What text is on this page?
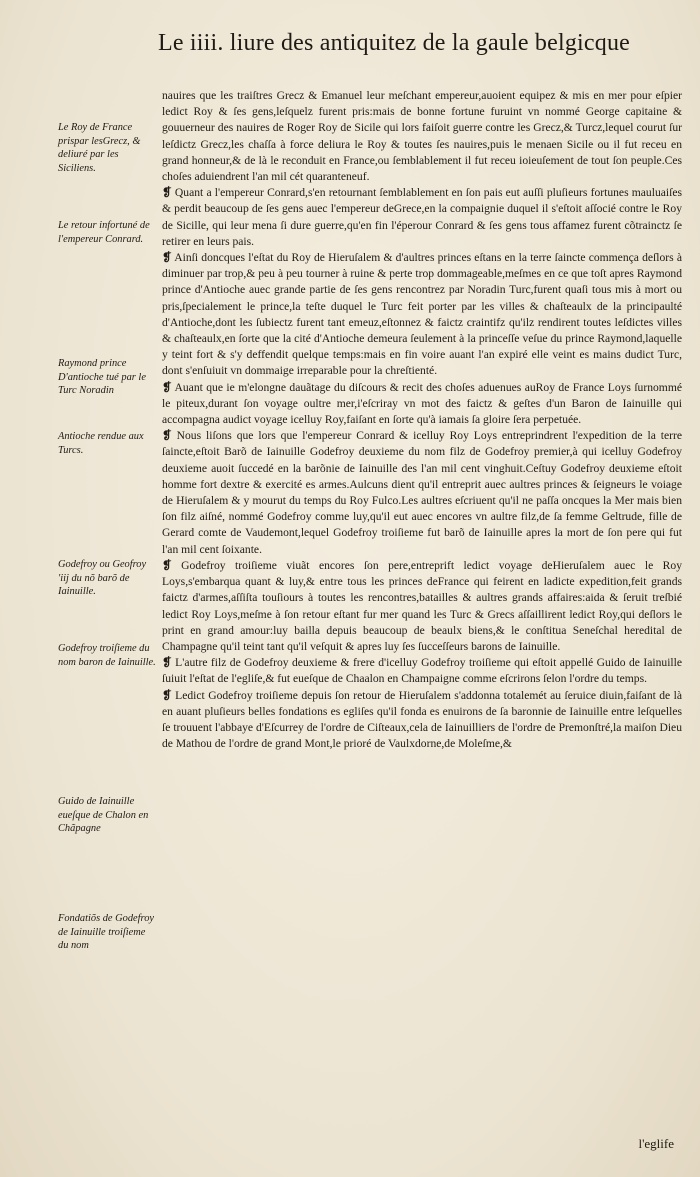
Le iiii. liure des antiquitez de la gaule belgicque
Le Roy de France prispar lesGrecz, & deliuré par les Siciliens.
Le retour infortuné de l'empereur Conrard.
Raymond prince D'antioche tué par le Turc Noradin
Antioche rendue aux Turcs.
Godefroy ou Geofroy 'iij du nõ barõ de Iainuille.
Godefroy troiſieme du nom baron de Iainuille.
Guido de Iainuille eueſque de Chalon en Chãpagne
Fondatiõs de Godefroy de Iainuille troiſieme du nom

nauires que les traiſtres Grecz & Emanuel leur meſchant empereur,auoient equipez & mis en mer pour eſpier ledict Roy & ſes gens,leſquelz furent pris:mais de bonne fortune furuint vn nommé George capitaine & gouuerneur des nauires de Roger Roy de Sicile qui lors faiſoit guerre contre les Grecz,& Turcz,lequel courut ſur leſdictz Grecz,les chaſſa à force deliura le Roy & toutes ſes nauires,puis le menaen Sicile ou il fut receu en grand honneur,& de là le reconduit en France,ou ſemblablement il fut receu ioieuſement de tout ſon peuple.Ces choſes aduiendrent l'an mil cét quaranteneuf.

❡ Quant a l'empereur Conrard,s'en retournant ſemblablement en ſon pais eut auſſi pluſieurs fortunes mauluaiſes & perdit beaucoup de ſes gens auec l'empereur deGrece,en la compaignie duquel il s'eſtoit aſſocié contre le Roy de Sicille, qui leur mena ſi dure guerre,qu'en fin l'éperour Conrard & ſes gens tous affamez furent cõtrainctz ſe retirer en leurs pais.

❡ Ainſi doncques l'eſtat du Roy de Hieruſalem & d'aultres princes eſtans en la terre ſaincte commença deſlors à diminuer par trop,& peu à peu tourner à ruine & perte trop dommageable,meſmes en ce que toſt apres Raymond prince d'Antioche auec grande partie de ſes gens rencontrez par Noradin Turc,furent quaſi tous mis à mort ou pris,ſpecialement le prince,la teſte duquel le Turc feit porter par les villes & chaſteaulx de la principaulté d'Antioche,dont les ſubiectz furent tant emeuz,eſtonnez & faictz craintifz qu'ilz rendirent toutes leſdictes villes & chaſteaulx,en ſorte que la cité d'Antioche demeura ſeulement à la princeſſe veſue du prince Raymond,laquelle y teint fort & s'y deffendit quelque temps:mais en fin voire auant l'an expiré elle veint es mains dudict Turc, dont s'enſuiuit vn dommaige irreparable pour la chreſtienté.

❡ Auant que ie m'elongne dauãtage du diſcours & recit des choſes aduenues auRoy de France Loys ſurnommé le piteux,durant ſon voyage oultre mer,i'eſcriray vn mot des faictz & geſtes d'un Baron de Iainuille qui accompagna audict voyage icelluy Roy,faiſant en ſorte qu'à iamais ſa gloire ſera perpetuée.

❡ Nous liſons que lors que l'empereur Conrard & icelluy Roy Loys entreprindrent l'expedition de la terre ſaincte,eſtoit Barõ de Iainuille Godefroy deuxieme du nom filz de Godefroy premier,à qui icelluy Godefroy deuxieme auoit ſuccedé en la barõnie de Iainuille des l'an mil cent vinghuit.Ceſtuy Godefroy deuxieme eſtoit homme fort dextre & exercité es armes.Aulcuns dient qu'il entreprit auec aultres princes & ſeigneurs le voiage de Hieruſalem & y mourut du temps du Roy Fulco.Les aultres eſcriuent qu'il ne paſſa oncques la Mer mais bien ſon filz aiſné, nommé Godefroy comme luy,qu'il eut auec encores vn aultre filz,de ſa femme Geltrude, fille de Gerard comte de Vaudemont,lequel Godefroy troiſieme fut barõ de Iainuille apres la mort de ſon pere qui fut l'an mil cent ſoixante.

❡ Godefroy troiſieme viuãt encores ſon pere,entreprift ledict voyage deHieruſalem auec le Roy Loys,s'embarqua quant & luy,& entre tous les princes deFrance qui feirent en ladicte expedition,feit grands faictz d'armes,aſſiſta touſiours à toutes les rencontres,batailles & aultres grands affaires:aida & ſeruit treſbié ledict Roy Loys,meſme à ſon retour eſtant fur mer quand les Turc & Grecs aſſaillirent ledict Roy,qui deſlors le print en grand amour:luy bailla depuis beaucoup de beaulx biens,& le conſtitua Seneſchal heredital de Champagne qu'il teint tant qu'il veſquit & apres luy ſes ſucceſſeurs barons de Iainuille.

❡ L'autre filz de Godefroy deuxieme & frere d'icelluy Godefroy troiſieme qui eſtoit appellé Guido de Iainuille ſuiuit l'eſtat de l'egliſe,& fut eueſque de Chaalon en Champaigne comme eſcrirons ſelon l'ordre du temps.

❡ Ledict Godefroy troiſieme depuis ſon retour de Hieruſalem s'addonna totalemét au ſeruice diuin,faiſant de là en auant pluſieurs belles fondations es egliſes qu'il fonda es enuirons de ſa baronnie de Iainuille entre leſquelles ſe trouuent l'abbaye d'Eſcurrey de l'ordre de Ciſteaux,cela de Iainuilliers de l'ordre de Premonſtré,la maiſon Dieu de Mathou de l'ordre de grand Mont,le prioré de Vaulxdorne,de Moleſme,&

l'eglife
